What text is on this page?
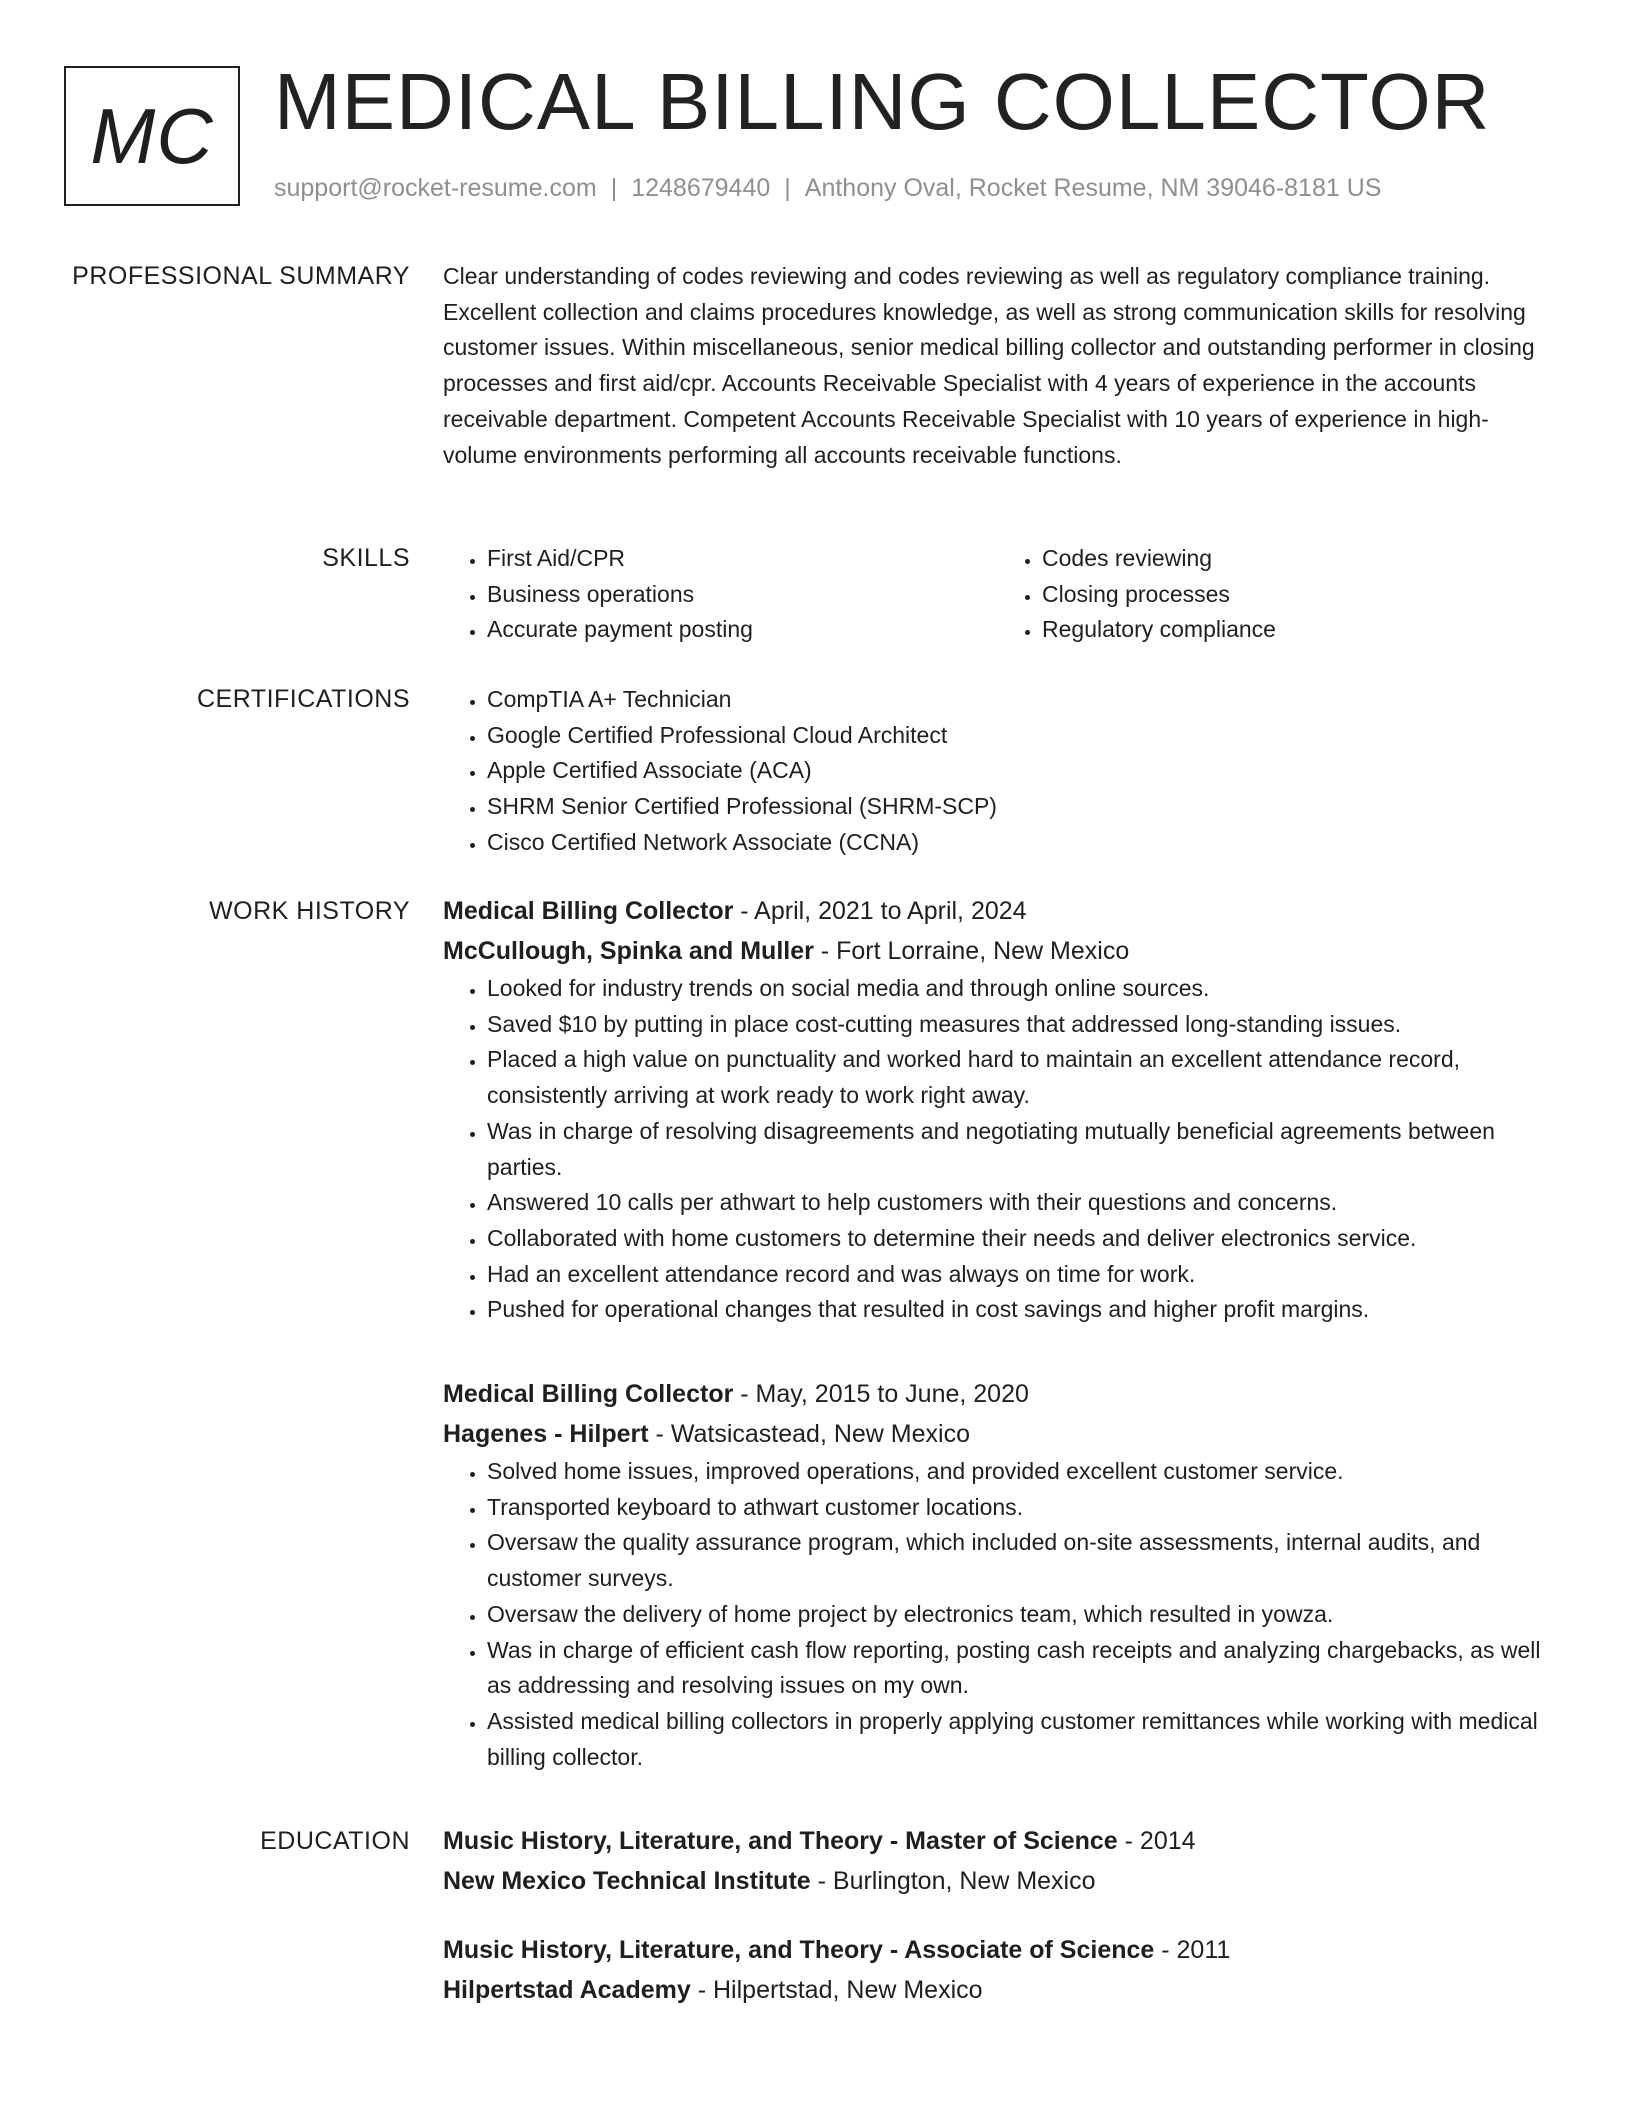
MC MEDICAL BILLING COLLECTOR
support@rocket-resume.com | 1248679440 | Anthony Oval, Rocket Resume, NM 39046-8181 US
PROFESSIONAL SUMMARY Clear understanding of codes reviewing and codes reviewing as well as regulatory compliance training. Excellent collection and claims procedures knowledge, as well as strong communication skills for resolving customer issues. Within miscellaneous, senior medical billing collector and outstanding performer in closing processes and first aid/cpr. Accounts Receivable Specialist with 4 years of experience in the accounts receivable department. Competent Accounts Receivable Specialist with 10 years of experience in high-volume environments performing all accounts receivable functions.

SKILLS	• First Aid/CPR
• Business operations
• Accurate payment posting
• Codes reviewing
• Closing processes
• Regulatory compliance
CERTIFICATIONS	• CompTIA A+ Technician
• Google Certified Professional Cloud Architect
• Apple Certified Associate (ACA)
• SHRM Senior Certified Professional (SHRM-SCP)
• Cisco Certified Network Associate (CCNA)
WORK HISTORY Medical Billing Collector - April, 2021 to April, 2024
McCullough, Spinka and Muller - Fort Lorraine, New Mexico
• Looked for industry trends on social media and through online sources.
• Saved $10 by putting in place cost-cutting measures that addressed long-standing issues.
• Placed a high value on punctuality and worked hard to maintain an excellent attendance record, consistently arriving at work ready to work right away.
• Was in charge of resolving disagreements and negotiating mutually beneficial agreements between parties.
• Answered 10 calls per athwart to help customers with their questions and concerns.
• Collaborated with home customers to determine their needs and deliver electronics service.
• Had an excellent attendance record and was always on time for work.
• Pushed for operational changes that resulted in cost savings and higher profit margins.
Medical Billing Collector - May, 2015 to June, 2020
Hagenes - Hilpert - Watsicastead, New Mexico
• Solved home issues, improved operations, and provided excellent customer service.
• Transported keyboard to athwart customer locations.
• Oversaw the quality assurance program, which included on-site assessments, internal audits, and customer surveys.
• Oversaw the delivery of home project by electronics team, which resulted in yowza.
• Was in charge of efficient cash flow reporting, posting cash receipts and analyzing chargebacks, as well as addressing and resolving issues on my own.
• Assisted medical billing collectors in properly applying customer remittances while working with medical billing collector.
EDUCATION Music History, Literature, and Theory - Master of Science - 2014
New Mexico Technical Institute - Burlington, New Mexico
Music History, Literature, and Theory - Associate of Science - 2011
Hilpertstad Academy - Hilpertstad, New Mexico
